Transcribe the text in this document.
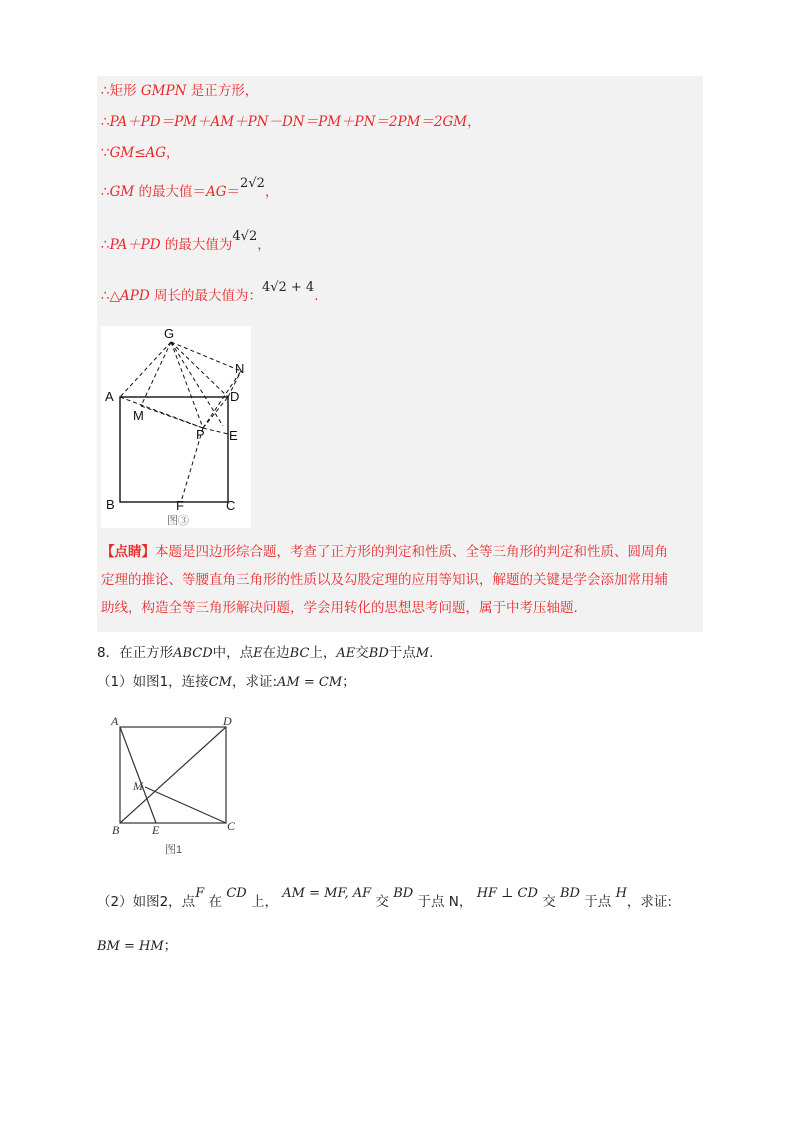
∴矩形 GMPN 是正方形，
∴PA＋PD＝PM＋AM＋PN－DN＝PM＋PN＝2PM＝2GM，
∵GM≤AG，
∴GM 的最大值＝AG＝2√2，
∴PA＋PD 的最大值为4√2，
∴△APD 周长的最大值为：4√2 + 4.
G
N
A	D
M
P E
B	F	C
图③
【点睛】本题是四边形综合题，考查了正方形的判定和性质、全等三角形的判定和性质、圆周角
定理的推论、等腰直角三角形的性质以及勾股定理的应用等知识，解题的关键是学会添加常用辅
助线，构造全等三角形解决问题，学会用转化的思想思考问题，属于中考压轴题.
8．在正方形ABCD中，点E在边BC上，AE交BD于点M.
（1）如图1，连接CM，求证:AM = CM；
A	D
M
B	E	C
图1
（2）如图2，点F 在 CD 上， AM = MF, AF 交 BD 于点 N， HF ⊥ CD 交 BD 于点 H，求证:
BM = HM；
